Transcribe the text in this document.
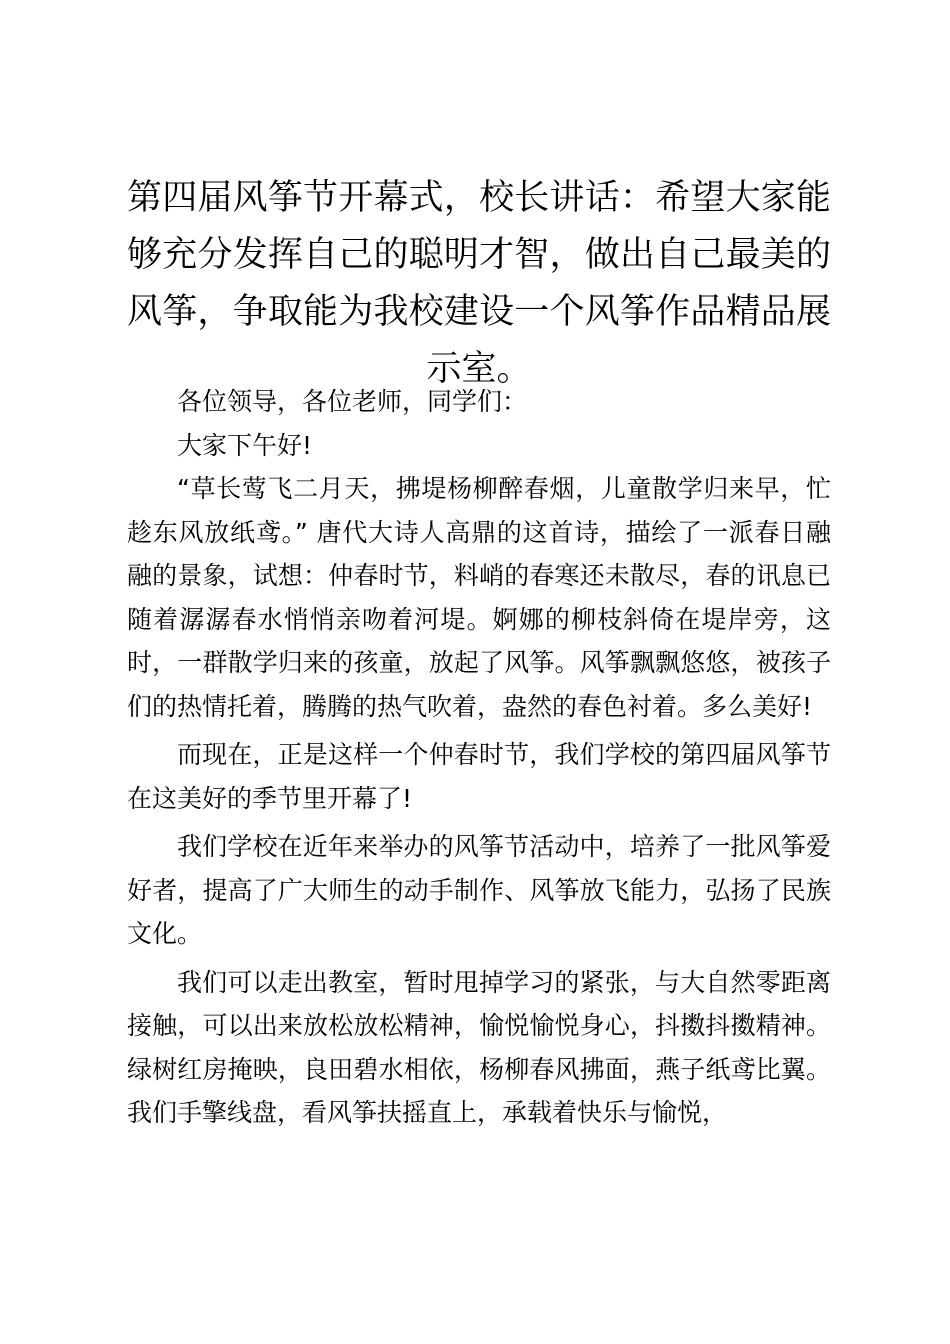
第四届风筝节开幕式，校长讲话：希望大家能够充分发挥自己的聪明才智，做出自己最美的风筝，争取能为我校建设一个风筝作品精品展示室。

各位领导，各位老师，同学们：

大家下午好!

“草长莺飞二月天，拂堤杨柳醉春烟，儿童散学归来早，忙趁东风放纸鸢。” 唐代大诗人高鼎的这首诗，描绘了一派春日融融的景象，试想：仲春时节，料峭的春寒还未散尽，春的讯息已随着潺潺春水悄悄亲吻着河堤。婀娜的柳枝斜倚在堤岸旁，这时，一群散学归来的孩童，放起了风筝。风筝飘飘悠悠，被孩子们的热情托着，腾腾的热气吹着，盎然的春色衬着。多么美好!

而现在，正是这样一个仲春时节，我们学校的第四届风筝节在这美好的季节里开幕了!

我们学校在近年来举办的风筝节活动中，培养了一批风筝爱好者，提高了广大师生的动手制作、风筝放飞能力，弘扬了民族文化。

我们可以走出教室，暂时甩掉学习的紧张，与大自然零距离接触，可以出来放松放松精神，愉悦愉悦身心，抖擞抖擞精神。绿树红房掩映，良田碧水相依，杨柳春风拂面，燕子纸鸢比翼。我们手擎线盘，看风筝扶摇直上，承载着快乐与愉悦，
